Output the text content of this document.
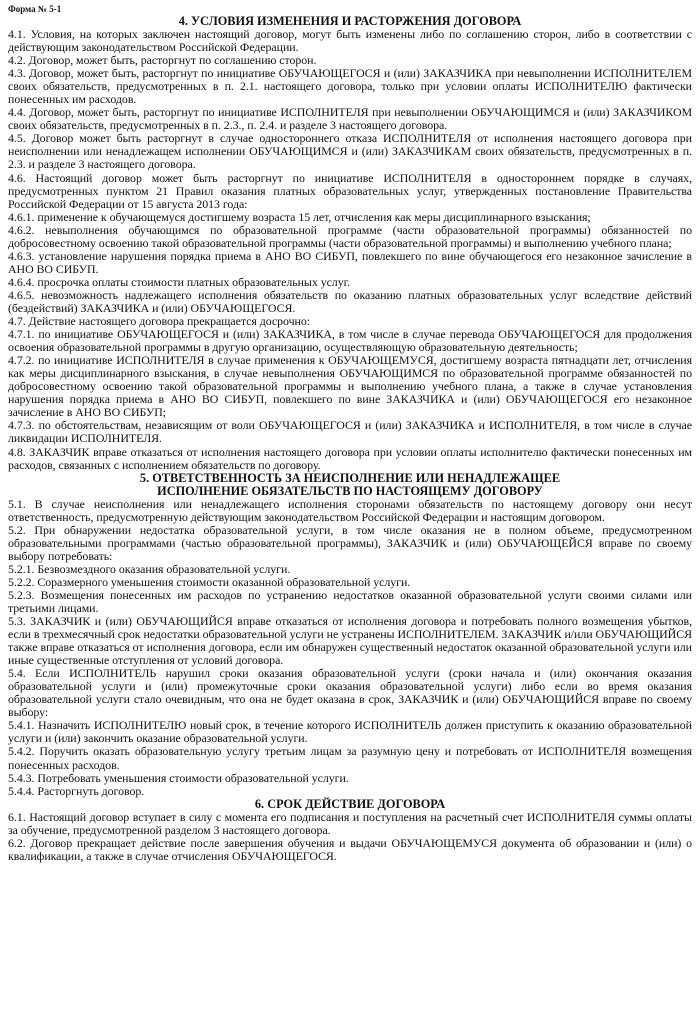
Форма № 5-1
4. УСЛОВИЯ ИЗМЕНЕНИЯ И РАСТОРЖЕНИЯ ДОГОВОРА
4.1. Условия, на которых заключен настоящий договор, могут быть изменены либо по соглашению сторон, либо в соответствии с действующим законодательством Российской Федерации.
4.2. Договор, может быть, расторгнут по соглашению сторон.
4.3. Договор, может быть, расторгнут по инициативе ОБУЧАЮЩЕГОСЯ и (или) ЗАКАЗЧИКА при невыполнении ИСПОЛНИТЕЛЕМ своих обязательств, предусмотренных в п. 2.1. настоящего договора, только при условии оплаты ИСПОЛНИТЕЛЮ фактически понесенных им расходов.
4.4. Договор, может быть, расторгнут по инициативе ИСПОЛНИТЕЛЯ при невыполнении ОБУЧАЮЩИМСЯ и (или) ЗАКАЗЧИКОМ своих обязательств, предусмотренных в п. 2.3., п. 2.4. и разделе 3 настоящего договора.
4.5. Договор может быть расторгнут в случае одностороннего отказа ИСПОЛНИТЕЛЯ от исполнения настоящего договора при неисполнении или ненадлежащем исполнении ОБУЧАЮЩИМСЯ и (или) ЗАКАЗЧИКАМ своих обязательств, предусмотренных в п. 2.3. и разделе 3 настоящего договора.
4.6. Настоящий договор может быть расторгнут по инициативе ИСПОЛНИТЕЛЯ в одностороннем порядке в случаях, предусмотренных пунктом 21 Правил оказания платных образовательных услуг, утвержденных постановление Правительства Российской Федерации от 15 августа 2013 года:
4.6.1. применение к обучающемуся достигшему возраста 15 лет, отчисления как меры дисциплинарного взыскания;
4.6.2. невыполнения обучающимся по образовательной программе (части образовательной программы) обязанностей по добросовестному освоению такой образовательной программы (части образовательной программы) и выполнению учебного плана;
4.6.3. установление нарушения порядка приема в АНО ВО СИБУП, повлекшего по вине обучающегося его незаконное зачисление в АНО ВО СИБУП.
4.6.4. просрочка оплаты стоимости платных образовательных услуг.
4.6.5. невозможность надлежащего исполнения обязательств по оказанию платных образовательных услуг вследствие действий (бездействий) ЗАКАЗЧИКА и (или) ОБУЧАЮЩЕГОСЯ.
4.7. Действие настоящего договора прекращается досрочно:
4.7.1. по инициативе ОБУЧАЮЩЕГОСЯ и (или) ЗАКАЗЧИКА, в том числе в случае перевода ОБУЧАЮЩЕГОСЯ для продолжения освоения образовательной программы в другую организацию, осуществляющую образовательную деятельность;
4.7.2. по инициативе ИСПОЛНИТЕЛЯ в случае применения к ОБУЧАЮЩЕМУСЯ, достигшему возраста пятнадцати лет, отчисления как меры дисциплинарного взыскания, в случае невыполнения ОБУЧАЮЩИМСЯ по образовательной программе обязанностей по добросовестному освоению такой образовательной программы и выполнению учебного плана, а также в случае установления нарушения порядка приема в АНО ВО СИБУП, повлекшего по вине ЗАКАЗЧИКА и (или) ОБУЧАЮЩЕГОСЯ его незаконное зачисление в АНО ВО СИБУП;
4.7.3. по обстоятельствам, независящим от воли ОБУЧАЮЩЕГОСЯ и (или) ЗАКАЗЧИКА и ИСПОЛНИТЕЛЯ, в том числе в случае ликвидации ИСПОЛНИТЕЛЯ.
4.8. ЗАКАЗЧИК вправе отказаться от исполнения настоящего договора при условии оплаты исполнителю фактически понесенных им расходов, связанных с исполнением обязательств по договору.
5. ОТВЕТСТВЕННОСТЬ ЗА НЕИСПОЛНЕНИЕ ИЛИ НЕНАДЛЕЖАЩЕЕ
ИСПОЛНЕНИЕ ОБЯЗАТЕЛЬСТВ ПО НАСТОЯЩЕМУ ДОГОВОРУ
5.1. В случае неисполнения или ненадлежащего исполнения сторонами обязательств по настоящему договору они несут ответственность, предусмотренную действующим законодательством Российской Федерации и настоящим договором.
5.2. При обнаружении недостатка образовательной услуги, в том числе оказания не в полном объеме, предусмотренном образовательными программами (частью образовательной программы), ЗАКАЗЧИК и (или) ОБУЧАЮЩЕЙСЯ вправе по своему выбору потребовать:
5.2.1. Безвозмездного оказания образовательной услуги.
5.2.2. Соразмерного уменьшения стоимости оказанной образовательной услуги.
5.2.3. Возмещения понесенных им расходов по устранению недостатков оказанной образовательной услуги своими силами или третьими лицами.
5.3. ЗАКАЗЧИК и (или) ОБУЧАЮЩИЙСЯ вправе отказаться от исполнения договора и потребовать полного возмещения убытков, если в трехмесячный срок недостатки образовательной услуги не устранены ИСПОЛНИТЕЛЕМ. ЗАКАЗЧИК и/или ОБУЧАЮЩИЙСЯ также вправе отказаться от исполнения договора, если им обнаружен существенный недостаток оказанной образовательной услуги или иные существенные отступления от условий договора.
5.4. Если ИСПОЛНИТЕЛЬ нарушил сроки оказания образовательной услуги (сроки начала и (или) окончания оказания образовательной услуги и (или) промежуточные сроки оказания образовательной услуги) либо если во время оказания образовательной услуги стало очевидным, что она не будет оказана в срок, ЗАКАЗЧИК и (или) ОБУЧАЮЩИЙСЯ вправе по своему выбору:
5.4.1. Назначить ИСПОЛНИТЕЛЮ новый срок, в течение которого ИСПОЛНИТЕЛЬ должен приступить к оказанию образовательной услуги и (или) закончить оказание образовательной услуги.
5.4.2. Поручить оказать образовательную услугу третьим лицам за разумную цену и потребовать от ИСПОЛНИТЕЛЯ возмещения понесенных расходов.
5.4.3. Потребовать уменьшения стоимости образовательной услуги.
5.4.4. Расторгнуть договор.
6. СРОК ДЕЙСТВИЕ ДОГОВОРА
6.1. Настоящий договор вступает в силу с момента его подписания и поступления на расчетный счет ИСПОЛНИТЕЛЯ суммы оплаты за обучение, предусмотренной разделом 3 настоящего договора.
6.2. Договор прекращает действие после завершения обучения и выдачи ОБУЧАЮЩЕМУСЯ документа об образовании и (или) о квалификации, а также в случае отчисления ОБУЧАЮЩЕГОСЯ.
